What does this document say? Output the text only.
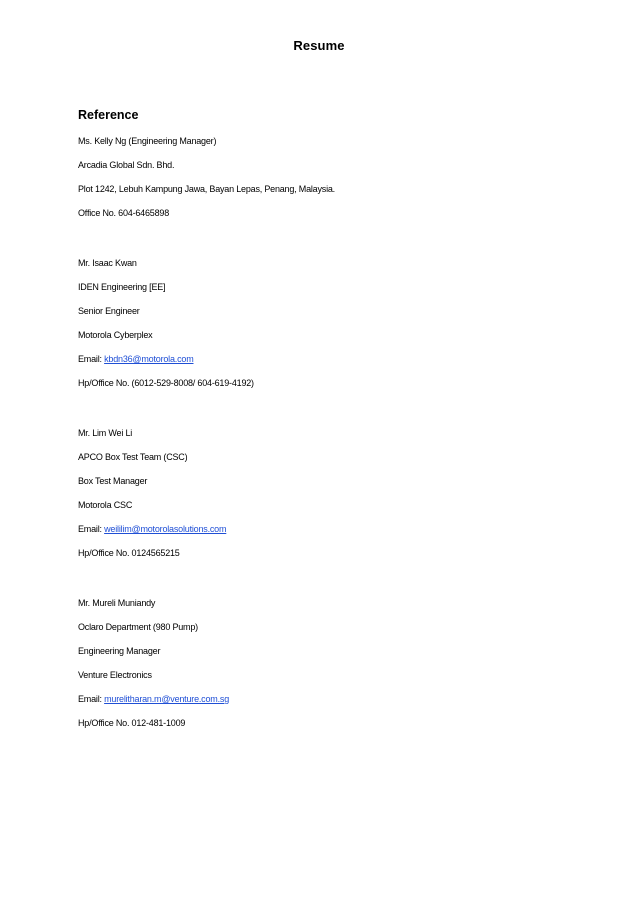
Resume
Reference
Ms. Kelly Ng (Engineering Manager)
Arcadia Global Sdn. Bhd.
Plot 1242, Lebuh Kampung Jawa, Bayan Lepas, Penang, Malaysia.
Office No. 604-6465898
Mr. Isaac Kwan
IDEN Engineering [EE]
Senior Engineer
Motorola Cyberplex
Email: kbdn36@motorola.com
Hp/Office No. (6012-529-8008/ 604-619-4192)
Mr. Lim Wei Li
APCO Box Test Team (CSC)
Box Test Manager
Motorola CSC
Email: weililim@motorolasolutions.com
Hp/Office No. 0124565215
Mr. Mureli Muniandy
Oclaro Department (980 Pump)
Engineering Manager
Venture Electronics
Email: murelitharan.m@venture.com.sg
Hp/Office No. 012-481-1009
